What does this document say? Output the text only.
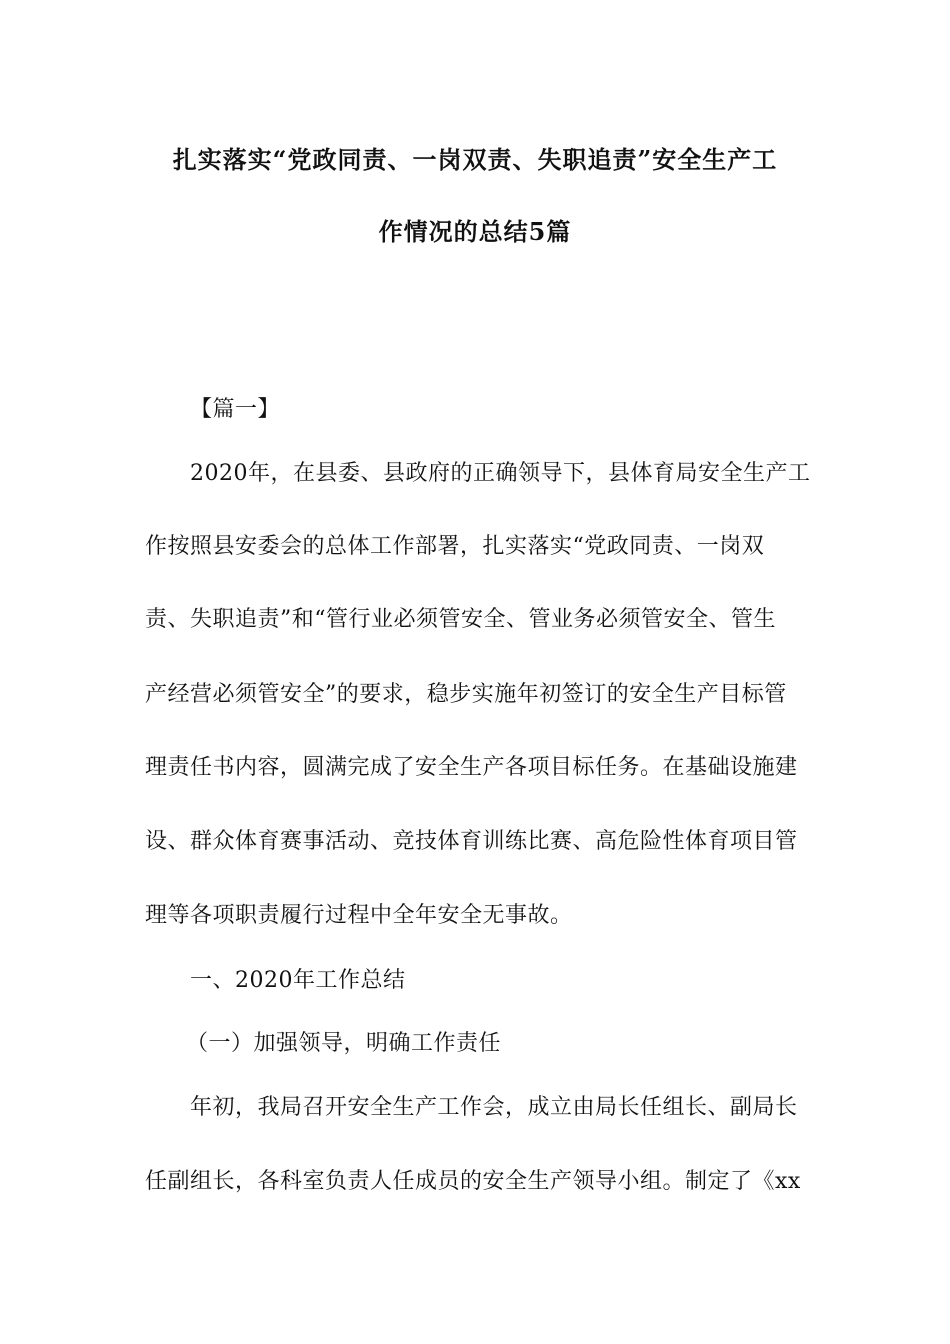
扎实落实“党政同责、一岗双责、失职追责”安全生产工
作情况的总结5篇
【篇一】
2020年，在县委、县政府的正确领导下，县体育局安全生产工
作按照县安委会的总体工作部署，扎实落实“党政同责、一岗双
责、失职追责”和“管行业必须管安全、管业务必须管安全、管生
产经营必须管安全”的要求，稳步实施年初签订的安全生产目标管
理责任书内容，圆满完成了安全生产各项目标任务。在基础设施建
设、群众体育赛事活动、竞技体育训练比赛、高危险性体育项目管
理等各项职责履行过程中全年安全无事故。
一、2020年工作总结
（一）加强领导，明确工作责任
年初，我局召开安全生产工作会，成立由局长任组长、副局长
任副组长，各科室负责人任成员的安全生产领导小组。制定了《xx
